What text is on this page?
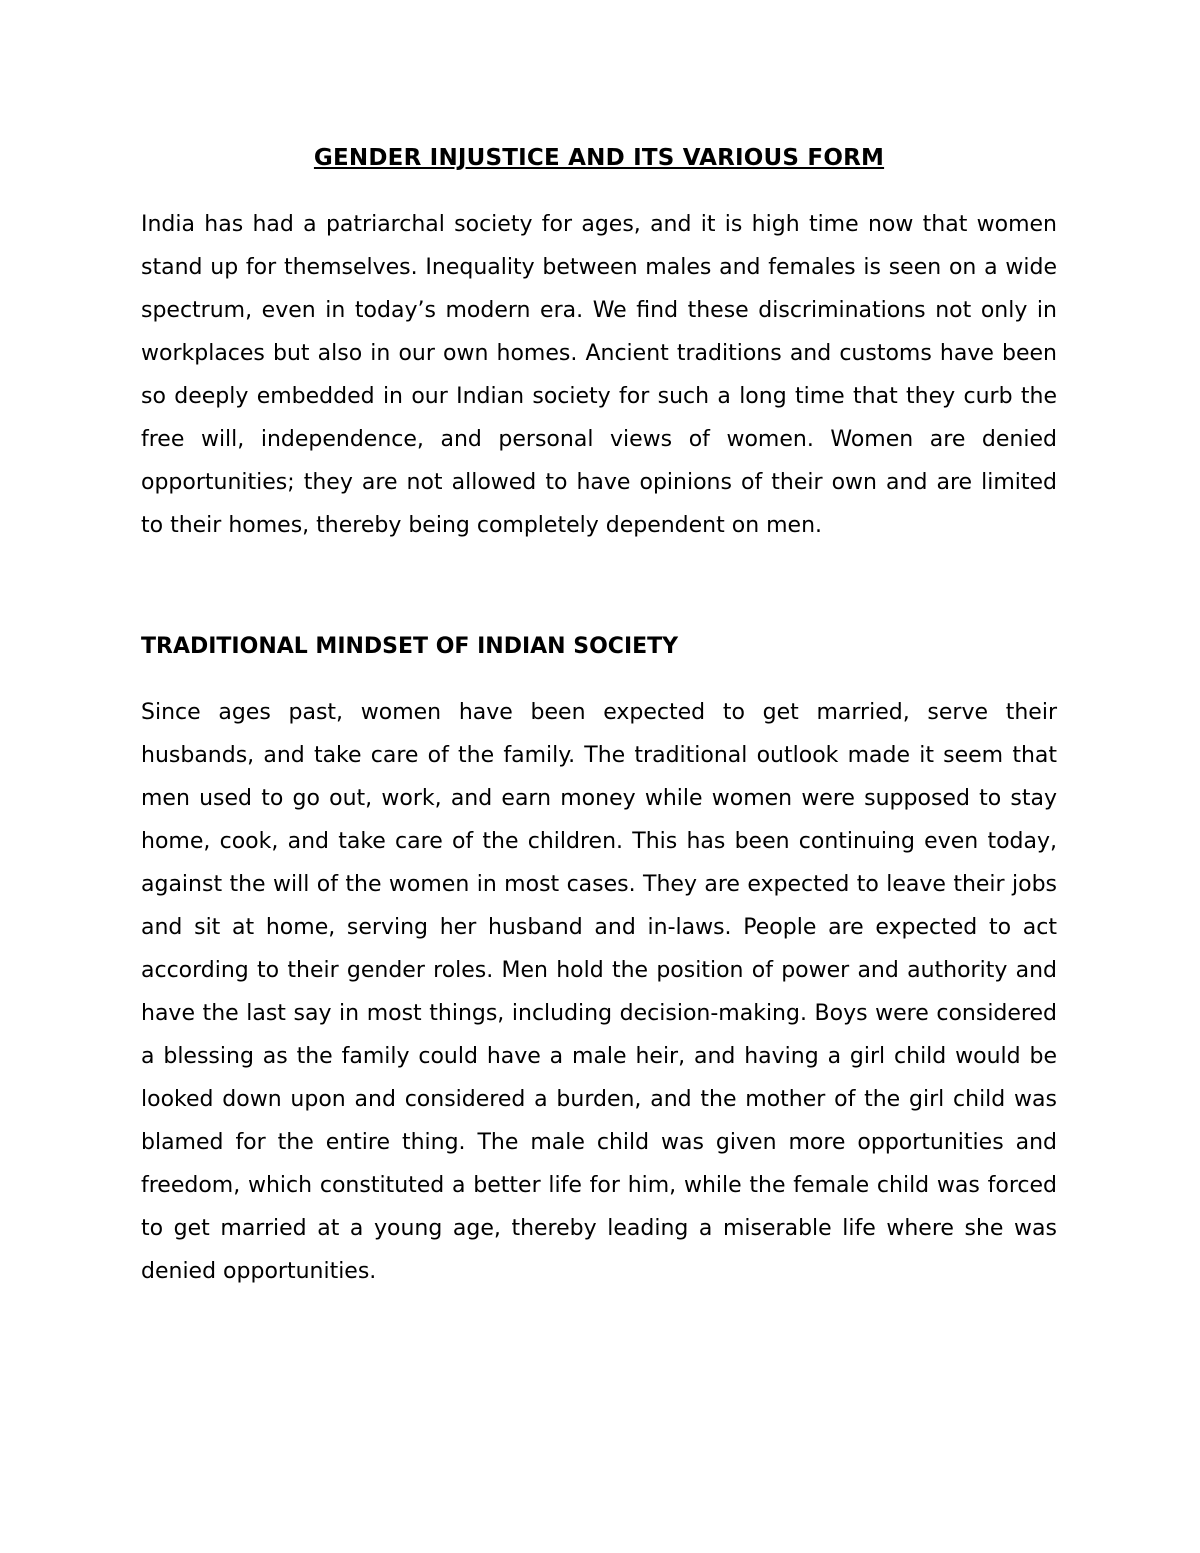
GENDER INJUSTICE AND ITS VARIOUS FORM

India has had a patriarchal society for ages, and it is high time now that women stand up for themselves. Inequality between males and females is seen on a wide spectrum, even in today’s modern era. We find these discriminations not only in workplaces but also in our own homes. Ancient traditions and customs have been so deeply embedded in our Indian society for such a long time that they curb the free will, independence, and personal views of women. Women are denied opportunities; they are not allowed to have opinions of their own and are limited to their homes, thereby being completely dependent on men.

TRADITIONAL MINDSET OF INDIAN SOCIETY

Since ages past, women have been expected to get married, serve their husbands, and take care of the family. The traditional outlook made it seem that men used to go out, work, and earn money while women were supposed to stay home, cook, and take care of the children. This has been continuing even today, against the will of the women in most cases. They are expected to leave their jobs and sit at home, serving her husband and in-laws. People are expected to act according to their gender roles. Men hold the position of power and authority and have the last say in most things, including decision-making. Boys were considered a blessing as the family could have a male heir, and having a girl child would be looked down upon and considered a burden, and the mother of the girl child was blamed for the entire thing. The male child was given more opportunities and freedom, which constituted a better life for him, while the female child was forced to get married at a young age, thereby leading a miserable life where she was denied opportunities.
